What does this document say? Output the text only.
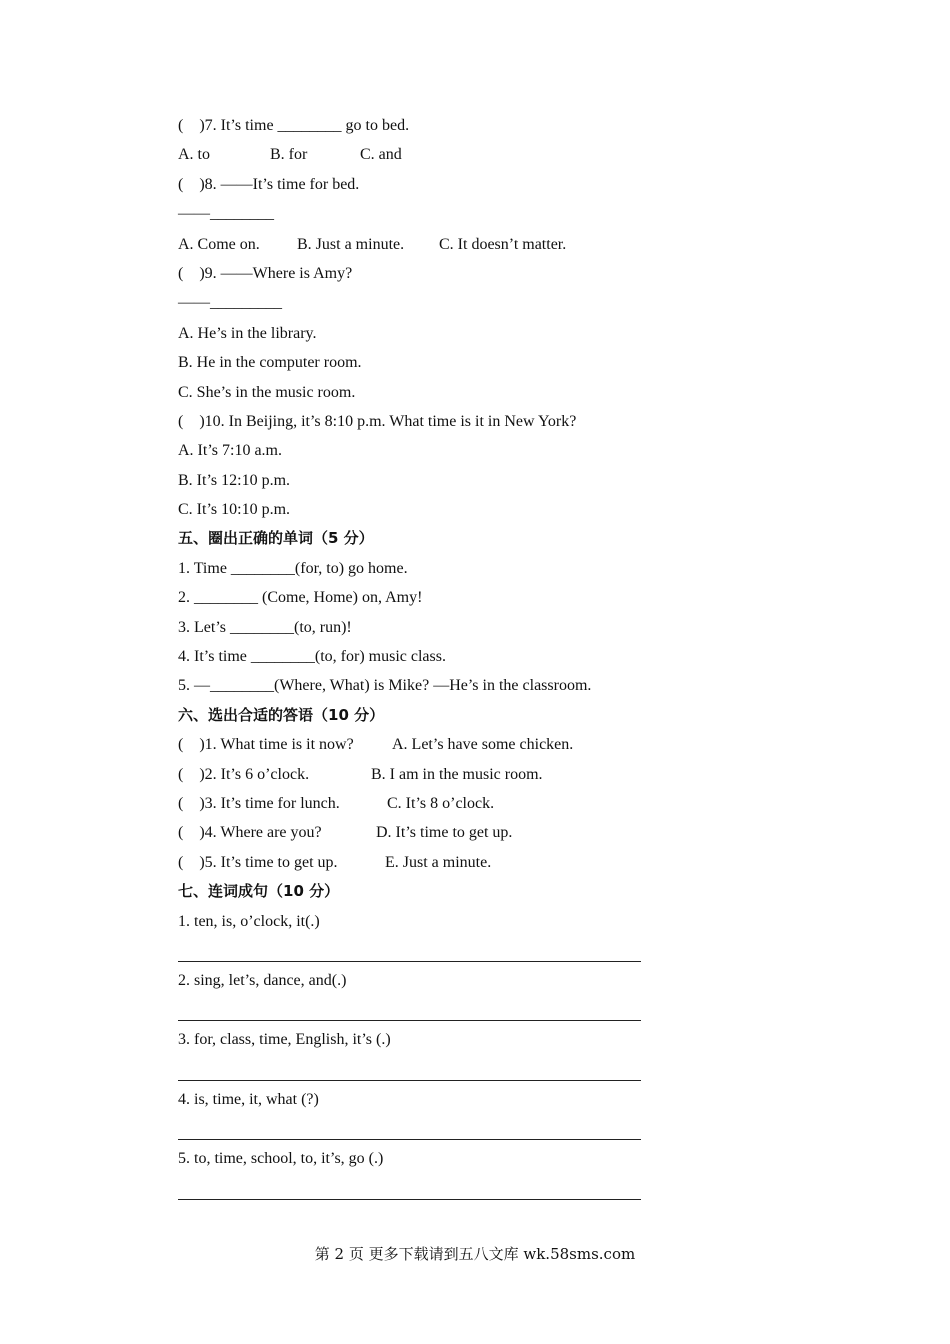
(    )7. It’s time ________ go to bed.
A. to	B. for	C. and
(    )8. ——It’s time for bed.
——________
A. Come on. B. Just a minute. C. It doesn’t matter.
(    )9. ——Where is Amy?
——_________
A. He’s in the library.
B. He in the computer room.
C. She’s in the music room.
(    )10. In Beijing, it’s 8:10 p.m. What time is it in New York?
A. It’s 7:10 a.m.
B. It’s 12:10 p.m.
C. It’s 10:10 p.m.
五、圈出正确的单词（5 分）
1. Time ________(for, to) go home.
2. ________ (Come, Home) on, Amy!
3. Let’s ________(to, run)!
4. It’s time ________(to, for) music class.
5. —________(Where, What) is Mike? —He’s in the classroom.
六、选出合适的答语（10 分）
(    )1. What time is it now? A. Let’s have some chicken.
(    )2. It’s 6 o’clock.	B. I am in the music room.
(    )3. It’s time for lunch.	C. It’s 8 o’clock.
(    )4. Where are you?	D. It’s time to get up.
(    )5. It’s time to get up.	E. Just a minute.
七、连词成句（10 分）
1. ten, is, o’clock, it(.)
2. sing, let’s, dance, and(.)
3. for, class, time, English, it’s (.)
4. is, time, it, what (?)
5. to, time, school, to, it’s, go (.)
第 2 页 更多下载请到五八文库 wk.58sms.com
